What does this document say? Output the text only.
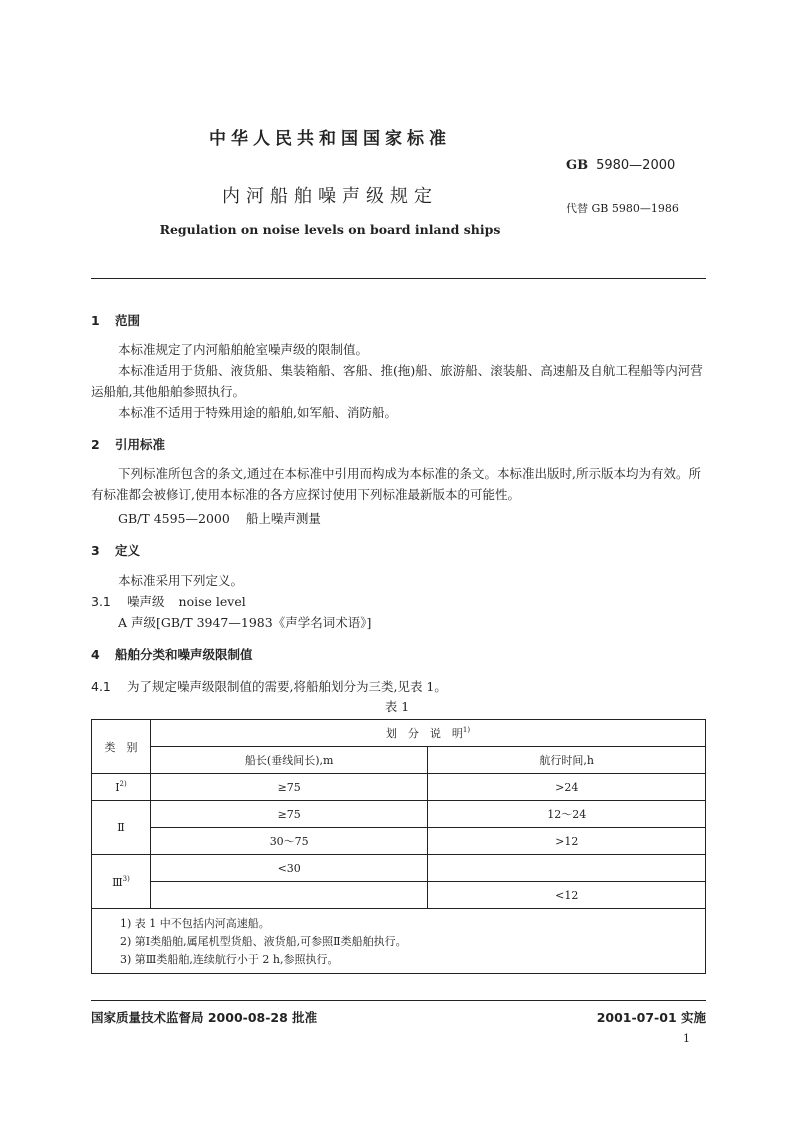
中华人民共和国国家标准
GB 5980—2000
内河船舶噪声级规定
代替 GB 5980—1986
Regulation on noise levels on board inland ships
1 范围
本标准规定了内河船舶舱室噪声级的限制值。
本标准适用于货船、液货船、集装箱船、客船、推(拖)船、旅游船、滚装船、高速船及自航工程船等内河营运船舶,其他船舶参照执行。
本标准不适用于特殊用途的船舶,如军船、消防船。
2 引用标准
下列标准所包含的条文,通过在本标准中引用而构成为本标准的条文。本标准出版时,所示版本均为有效。所有标准都会被修订,使用本标准的各方应探讨使用下列标准最新版本的可能性。
GB/T 4595—2000 船上噪声测量
3 定义
本标准采用下列定义。
3.1 噪声级 noise level
A 声级[GB/T 3947—1983《声学名词术语》]
4 船舶分类和噪声级限制值
4.1 为了规定噪声级限制值的需要,将船舶划分为三类,见表 1。
表 1
类　别	划　分　说　明$^{1)}$
	船长(垂线间长),m	航行时间,h
Ⅰ$^{2)}$	≥75	>24
Ⅱ	≥75	12～24
	30～75	>12
Ⅲ$^{3)}$	<30	
		<12

1) 表 1 中不包括内河高速船。
2) 第Ⅰ类船舶,属尾机型货船、液货船,可参照Ⅱ类船舶执行。
3) 第Ⅲ类船舶,连续航行小于 2 h,参照执行。		
国家质量技术监督局 2000-08-28 批准	2001-07-01 实施
1
